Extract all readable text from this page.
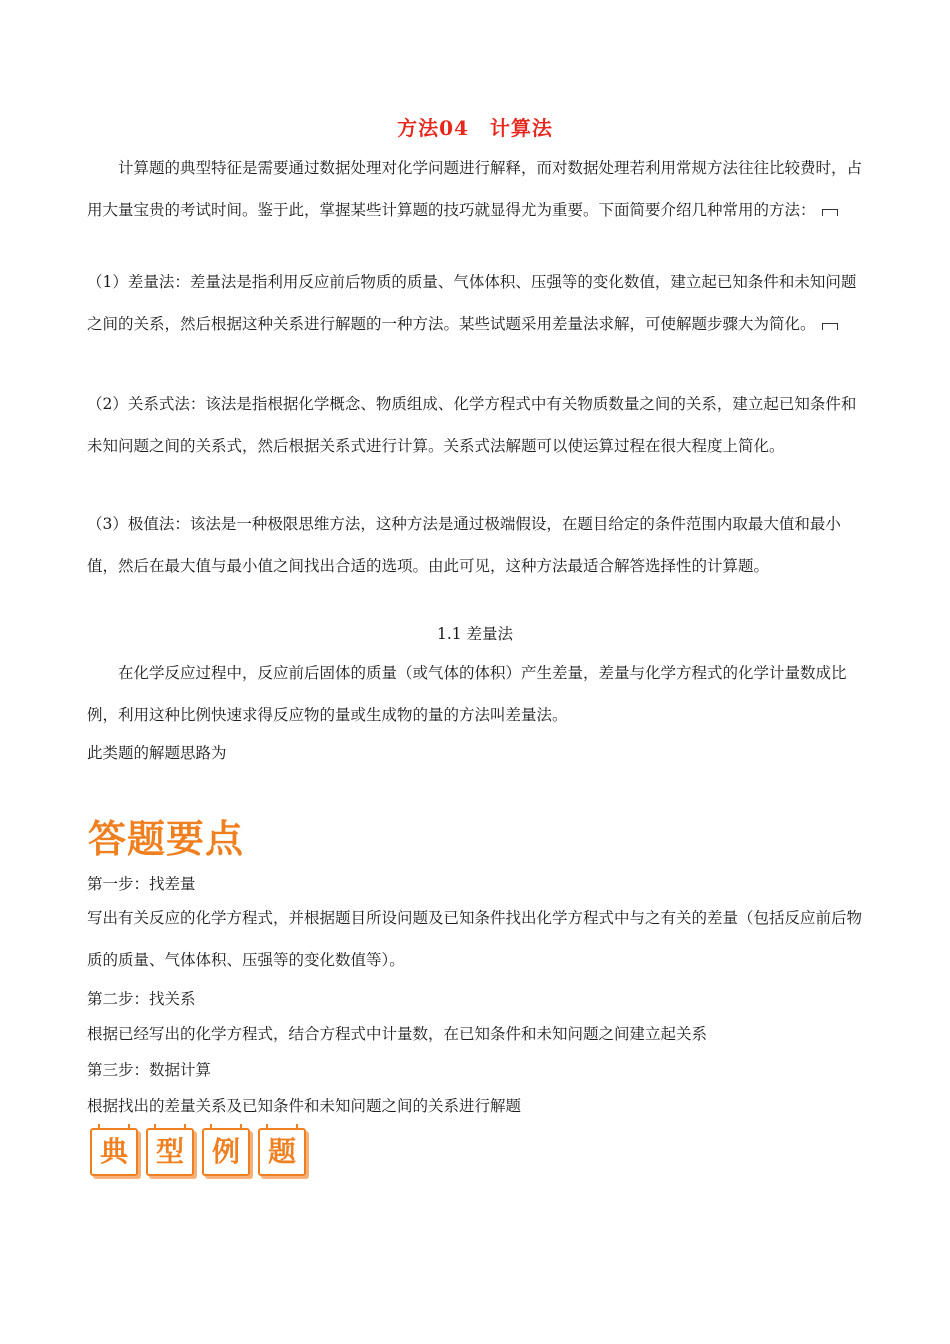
方法04　计算法

计算题的典型特征是需要通过数据处理对化学问题进行解释，而对数据处理若利用常规方法往往比较费时，占用大量宝贵的考试时间。鉴于此，掌握某些计算题的技巧就显得尤为重要。下面简要介绍几种常用的方法：

（1）差量法：差量法是指利用反应前后物质的质量、气体体积、压强等的变化数值，建立起已知条件和未知问题之间的关系，然后根据这种关系进行解题的一种方法。某些试题采用差量法求解，可使解题步骤大为简化。

（2）关系式法：该法是指根据化学概念、物质组成、化学方程式中有关物质数量之间的关系，建立起已知条件和未知问题之间的关系式，然后根据关系式进行计算。关系式法解题可以使运算过程在很大程度上简化。

（3）极值法：该法是一种极限思维方法，这种方法是通过极端假设，在题目给定的条件范围内取最大值和最小值，然后在最大值与最小值之间找出合适的选项。由此可见，这种方法最适合解答选择性的计算题。

1.1 差量法

在化学反应过程中，反应前后固体的质量（或气体的体积）产生差量，差量与化学方程式的化学计量数成比例，利用这种比例快速求得反应物的量或生成物的量的方法叫差量法。

此类题的解题思路为
答题要点
第一步：找差量

写出有关反应的化学方程式，并根据题目所设问题及已知条件找出化学方程式中与之有关的差量（包括反应前后物质的质量、气体体积、压强等的变化数值等）。

第二步：找关系
根据已经写出的化学方程式，结合方程式中计量数，在已知条件和未知问题之间建立起关系
第三步：数据计算
根据找出的差量关系及已知条件和未知问题之间的关系进行解题
典 型 例 题
